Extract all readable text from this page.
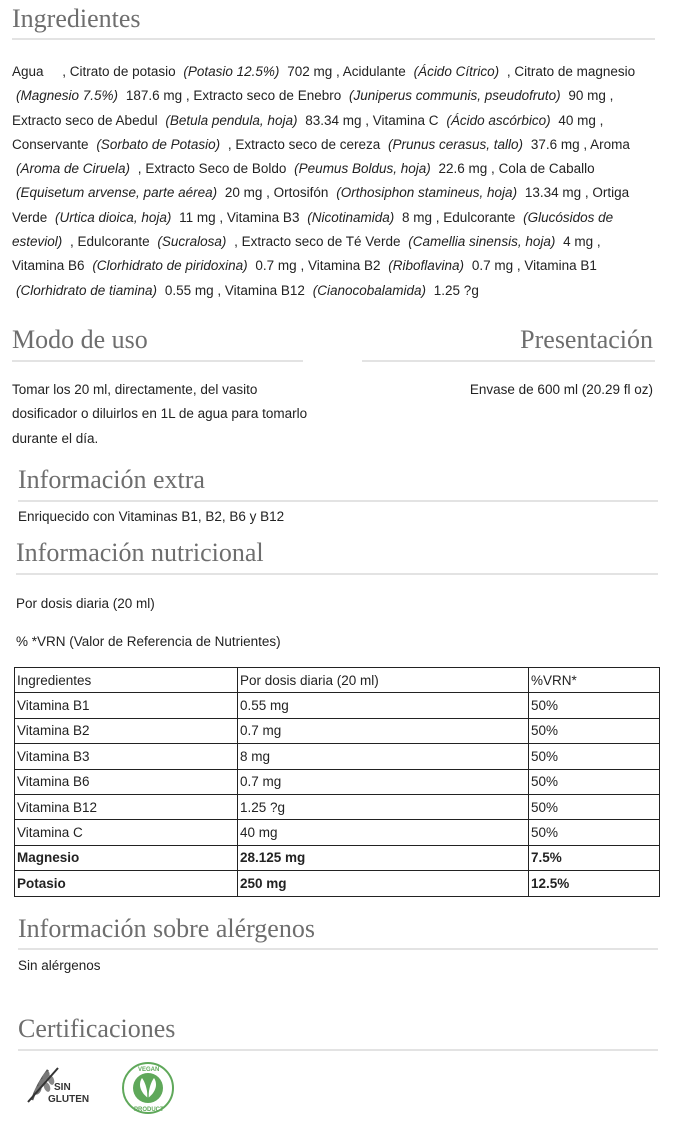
Ingredientes
Agua     , Citrato de potasio (Potasio 12.5%) 702 mg , Acidulante (Ácido Cítrico) , Citrato de magnesio (Magnesio 7.5%) 187.6 mg , Extracto seco de Enebro (Juniperus communis, pseudofruto) 90 mg , Extracto seco de Abedul (Betula pendula, hoja) 83.34 mg , Vitamina C (Ácido ascórbico) 40 mg , Conservante (Sorbato de Potasio) , Extracto seco de cereza (Prunus cerasus, tallo) 37.6 mg , Aroma (Aroma de Ciruela) , Extracto Seco de Boldo (Peumus Boldus, hoja) 22.6 mg , Cola de Caballo (Equisetum arvense, parte aérea) 20 mg , Ortosifón (Orthosiphon stamineus, hoja) 13.34 mg , Ortiga Verde (Urtica dioica, hoja) 11 mg , Vitamina B3 (Nicotinamida) 8 mg , Edulcorante (Glucósidos de esteviol) , Edulcorante (Sucralosa) , Extracto seco de Té Verde (Camellia sinensis, hoja) 4 mg , Vitamina B6 (Clorhidrato de piridoxina) 0.7 mg , Vitamina B2 (Riboflavina) 0.7 mg , Vitamina B1 (Clorhidrato de tiamina) 0.55 mg , Vitamina B12 (Cianocobalamida) 1.25 ?g
Modo de uso
Tomar los 20 ml, directamente, del vasito
dosificador o diluirlos en 1L de agua para tomarlo
durante el día.
Presentación
Envase de 600 ml (20.29 fl oz)
Información extra
Enriquecido con Vitaminas B1, B2, B6 y B12
Información nutricional
Por dosis diaria (20 ml)
% *VRN (Valor de Referencia de Nutrientes)
Ingredientes	Por dosis diaria (20 ml)	%VRN*
Vitamina B1	0.55 mg	50%
Vitamina B2	0.7 mg	50%
Vitamina B3	8 mg	50%
Vitamina B6	0.7 mg	50%
Vitamina B12	1.25 ?g	50%
Vitamina C	40 mg	50%
Magnesio	28.125 mg	7.5%
Potasio	250 mg	12.5%
Información sobre alérgenos
Sin alérgenos
Certificaciones
SIN
GLUTEN
VEGAN
PRODUCT
